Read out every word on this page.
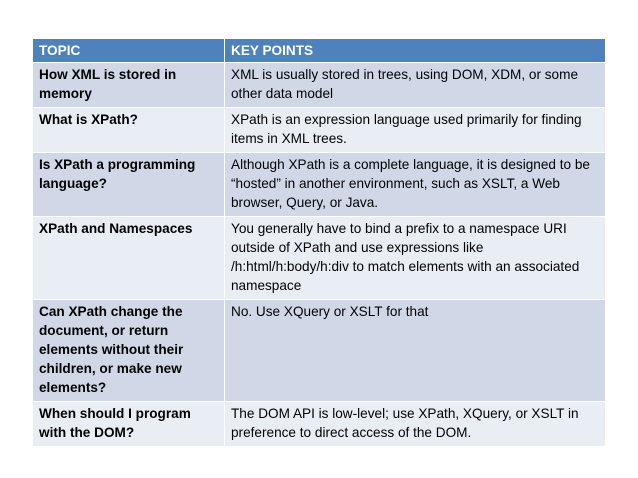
TOPIC	KEY POINTS
How XML is stored in memory	XML is usually stored in trees, using DOM, XDM, or some other data model
What is XPath?	XPath is an expression language used primarily for finding items in XML trees.
Is XPath a programming language?	Although XPath is a complete language, it is designed to be “hosted” in another environment, such as XSLT, a Web browser, Query, or Java.
XPath and Namespaces	You generally have to bind a prefix to a namespace URI outside of XPath and use expressions like /h:html/h:body/h:div to match elements with an associated namespace
Can XPath change the document, or return elements without their children, or make new elements?	No. Use XQuery or XSLT for that
When should I program with the DOM?	The DOM API is low-level; use XPath, XQuery, or XSLT in preference to direct access of the DOM.
